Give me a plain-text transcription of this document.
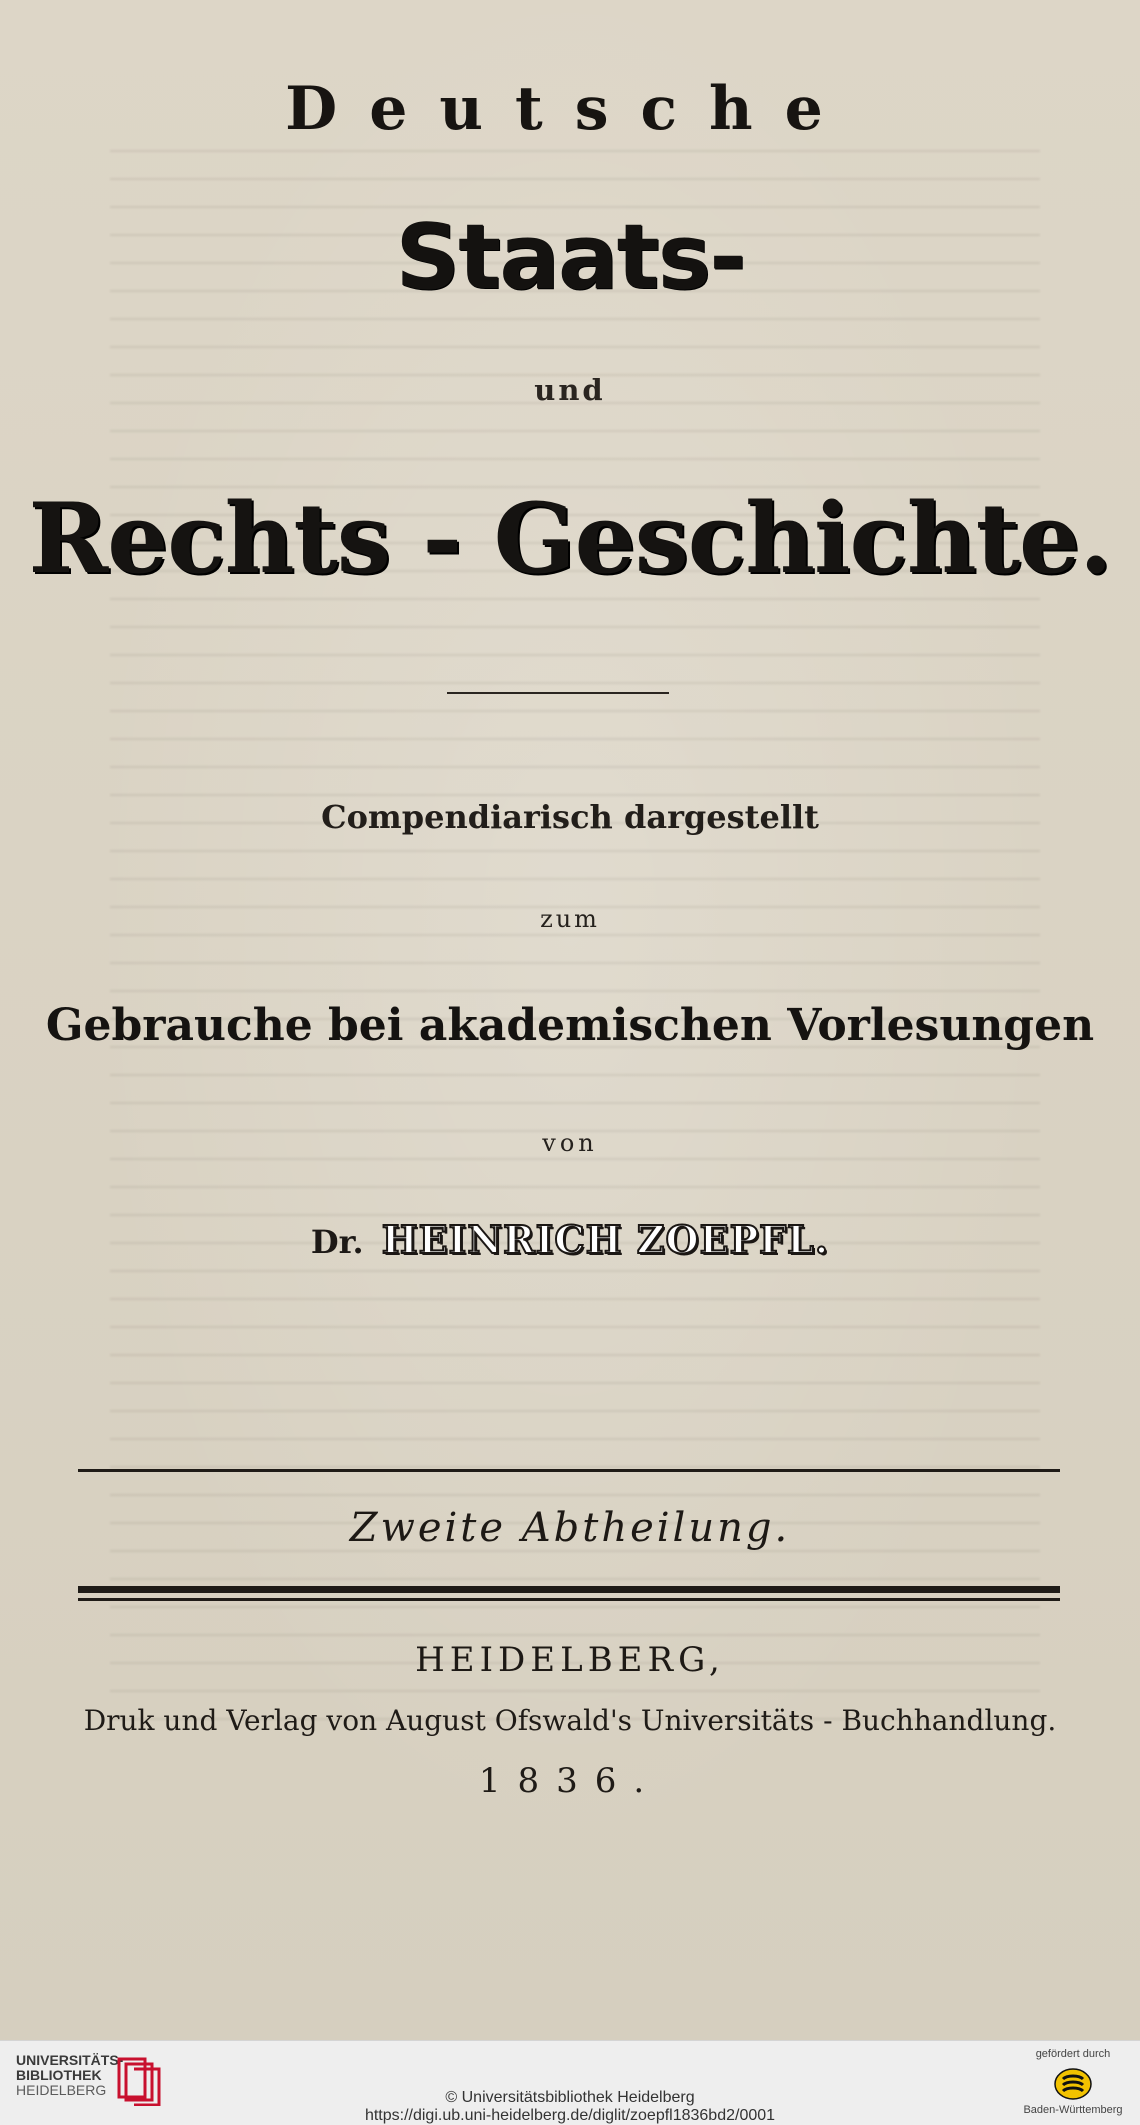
Deutsche
Staats-
und
Rechts - Geschichte.
Compendiarisch dargestellt
zum
Gebrauche bei akademischen Vorlesungen
von
Dr. HEINRICH ZOEPFL.
Zweite Abtheilung.
HEIDELBERG,
Druk und Verlag von August Ofswald's Universitäts - Buchhandlung.
1836.
UNIVERSITÄTS-
BIBLIOTHEK
HEIDELBERG	© Universitätsbibliothek Heidelberg
https://digi.ub.uni-heidelberg.de/diglit/zoepfl1836bd2/0001
gefördert durch
Baden-Württemberg
